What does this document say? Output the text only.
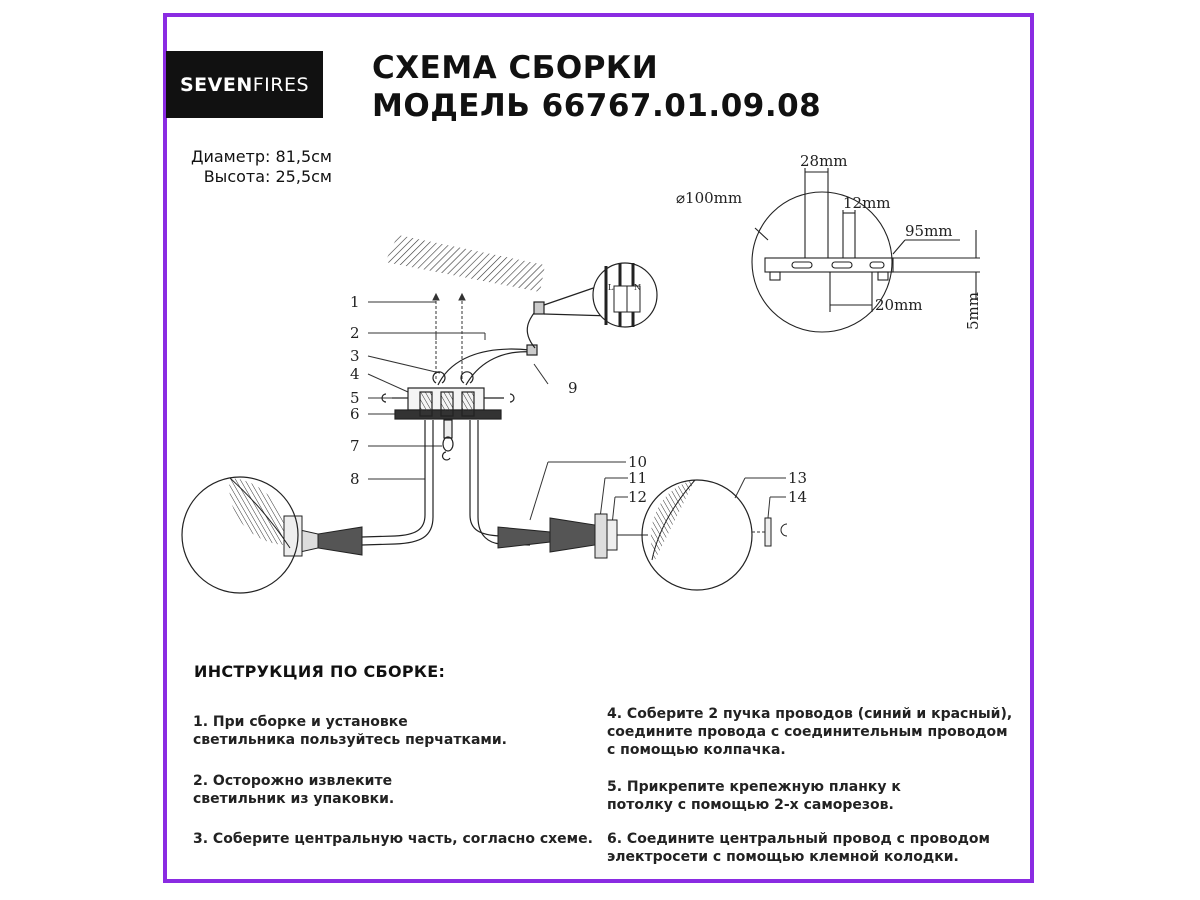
SEVEN FIRES СХЕМА СБОРКИ
МОДЕЛЬ 66767.01.09.08
Диаметр: 81,5см
Высота: 25,5см
1
2
3
4
5
6
7
8
9
10
11
12
13
14
L	N
⌀100mm
28mm
12mm
95mm
20mm	5mm
ИНСТРУКЦИЯ ПО СБОРКЕ:
1. При сборке и установке
светильника пользуйтесь перчатками.
2. Осторожно извлеките
светильник из упаковки.
3. Соберите центральную часть, согласно схеме.
4. Соберите 2 пучка проводов (синий и красный),
соедините провода с соединительным проводом
с помощью колпачка.
5. Прикрепите крепежную планку к
потолку с помощью 2-х саморезов.
6. Соедините центральный провод с проводом
электросети с помощью клемной колодки.
